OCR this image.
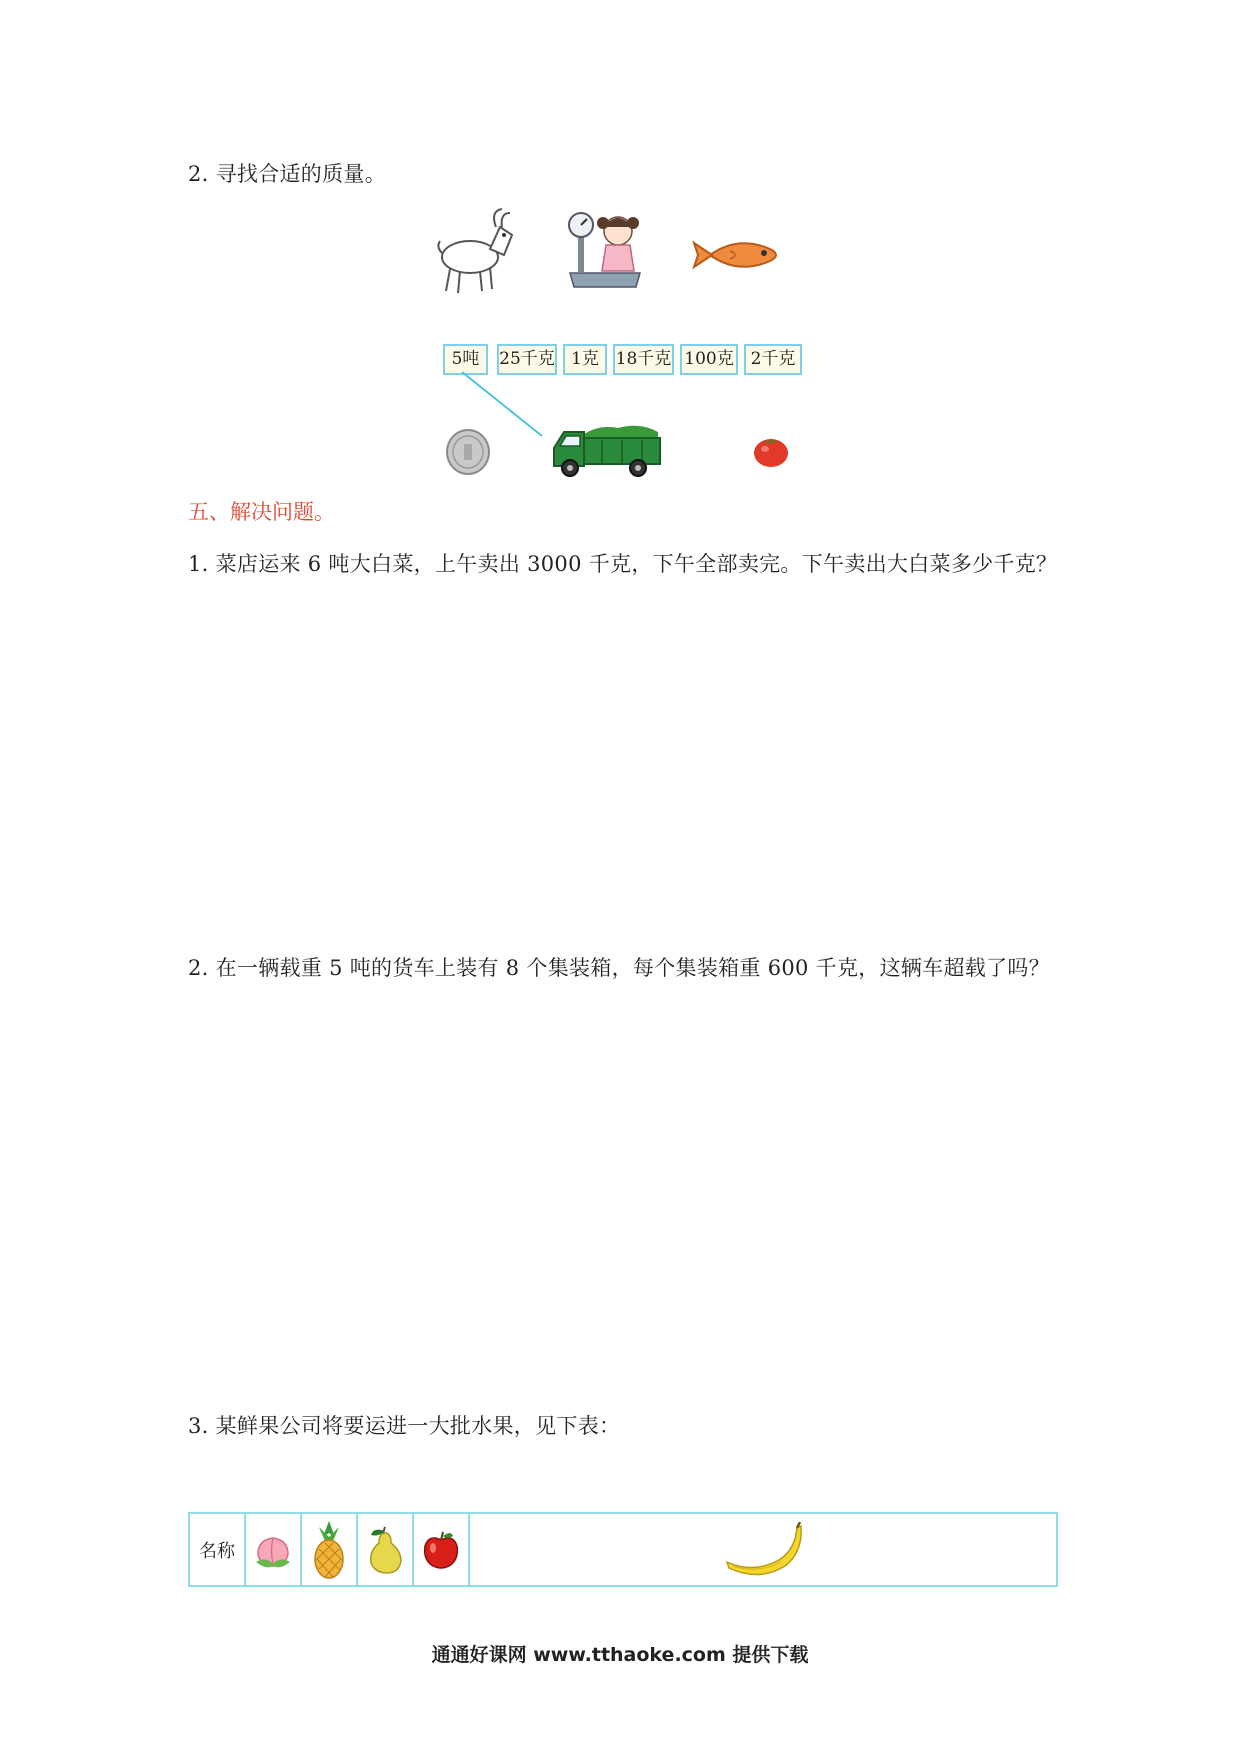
2. 寻找合适的质量。
5吨	25千克 1克 18千克 100克 2千克
五、解决问题。
1. 菜店运来 6 吨大白菜，上午卖出 3000 千克，下午全部卖完。下午卖出大白菜多少千克？
2. 在一辆载重 5 吨的货车上装有 8 个集装箱，每个集装箱重 600 千克，这辆车超载了吗？
3. 某鲜果公司将要运进一大批水果，见下表：
名称
通通好课网 www.tthaoke.com 提供下载
